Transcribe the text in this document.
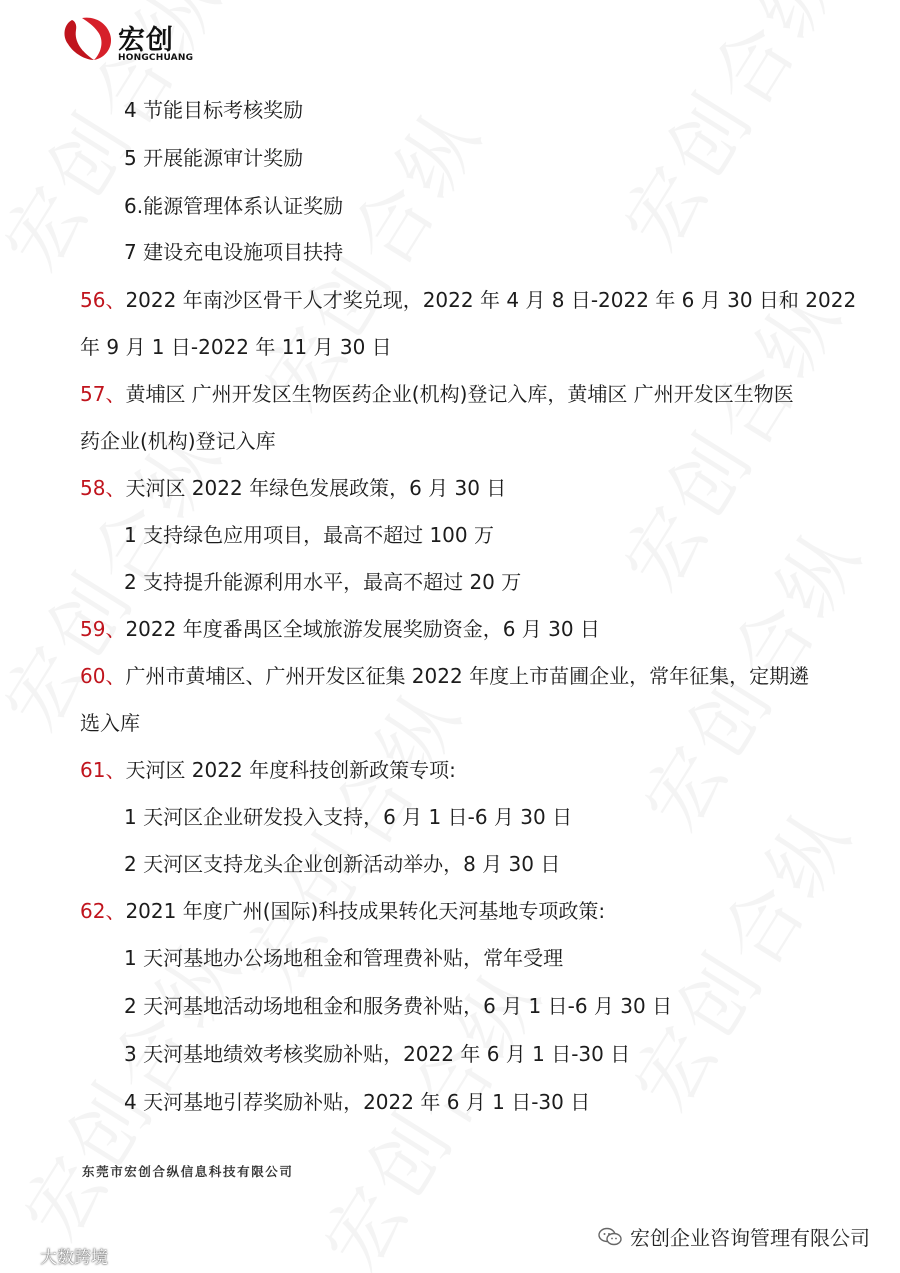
宏创
HONGCHUANG
4 节能目标考核奖励
5 开展能源审计奖励
6.能源管理体系认证奖励
7 建设充电设施项目扶持
56、2022 年南沙区骨干人才奖兑现，2022 年 4 月 8 日-2022 年 6 月 30 日和 2022
年 9 月 1 日-2022 年 11 月 30 日
57、黄埔区 广州开发区生物医药企业(机构)登记入库，黄埔区 广州开发区生物医
药企业(机构)登记入库
58、天河区 2022 年绿色发展政策，6 月 30 日
1 支持绿色应用项目，最高不超过 100 万
2 支持提升能源利用水平，最高不超过 20 万
59、2022 年度番禺区全域旅游发展奖励资金，6 月 30 日
60、广州市黄埔区、广州开发区征集 2022 年度上市苗圃企业，常年征集，定期遴
选入库
61、天河区 2022 年度科技创新政策专项:
1 天河区企业研发投入支持，6 月 1 日-6 月 30 日
2 天河区支持龙头企业创新活动举办，8 月 30 日
62、2021 年度广州(国际)科技成果转化天河基地专项政策:
1 天河基地办公场地租金和管理费补贴，常年受理
2 天河基地活动场地租金和服务费补贴，6 月 1 日-6 月 30 日
3 天河基地绩效考核奖励补贴，2022 年 6 月 1 日-30 日
4 天河基地引荐奖励补贴，2022 年 6 月 1 日-30 日
东莞市宏创合纵信息科技有限公司
宏创企业咨询管理有限公司
大数跨境
